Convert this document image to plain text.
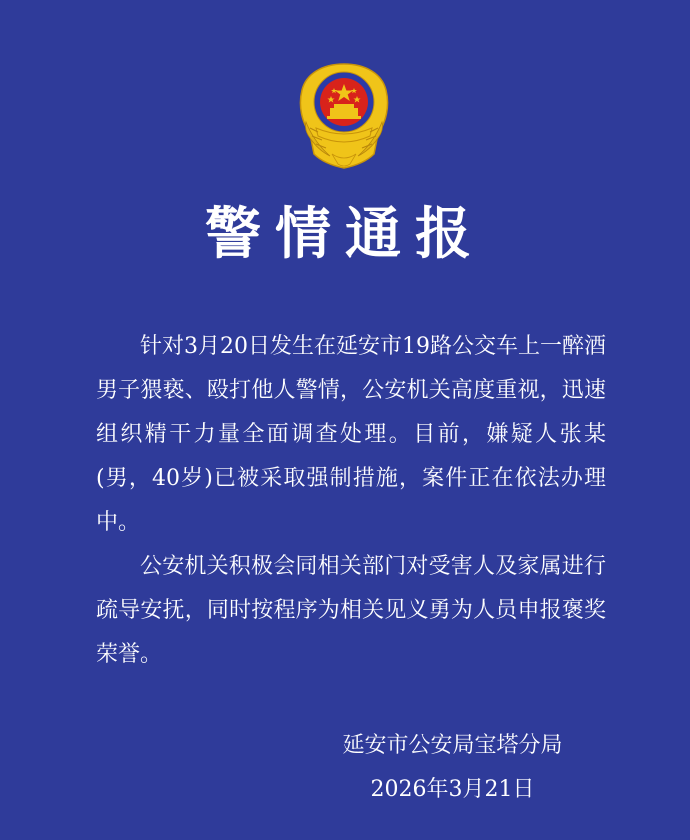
警情通报

针对3月20日发生在延安市19路公交车上一醉酒男子猥亵、殴打他人警情，公安机关高度重视，迅速组织精干力量全面调查处理。目前，嫌疑人张某(男，40岁)已被采取强制措施，案件正在依法办理中。

公安机关积极会同相关部门对受害人及家属进行疏导安抚，同时按程序为相关见义勇为人员申报褒奖荣誉。

延安市公安局宝塔分局
2026年3月21日
